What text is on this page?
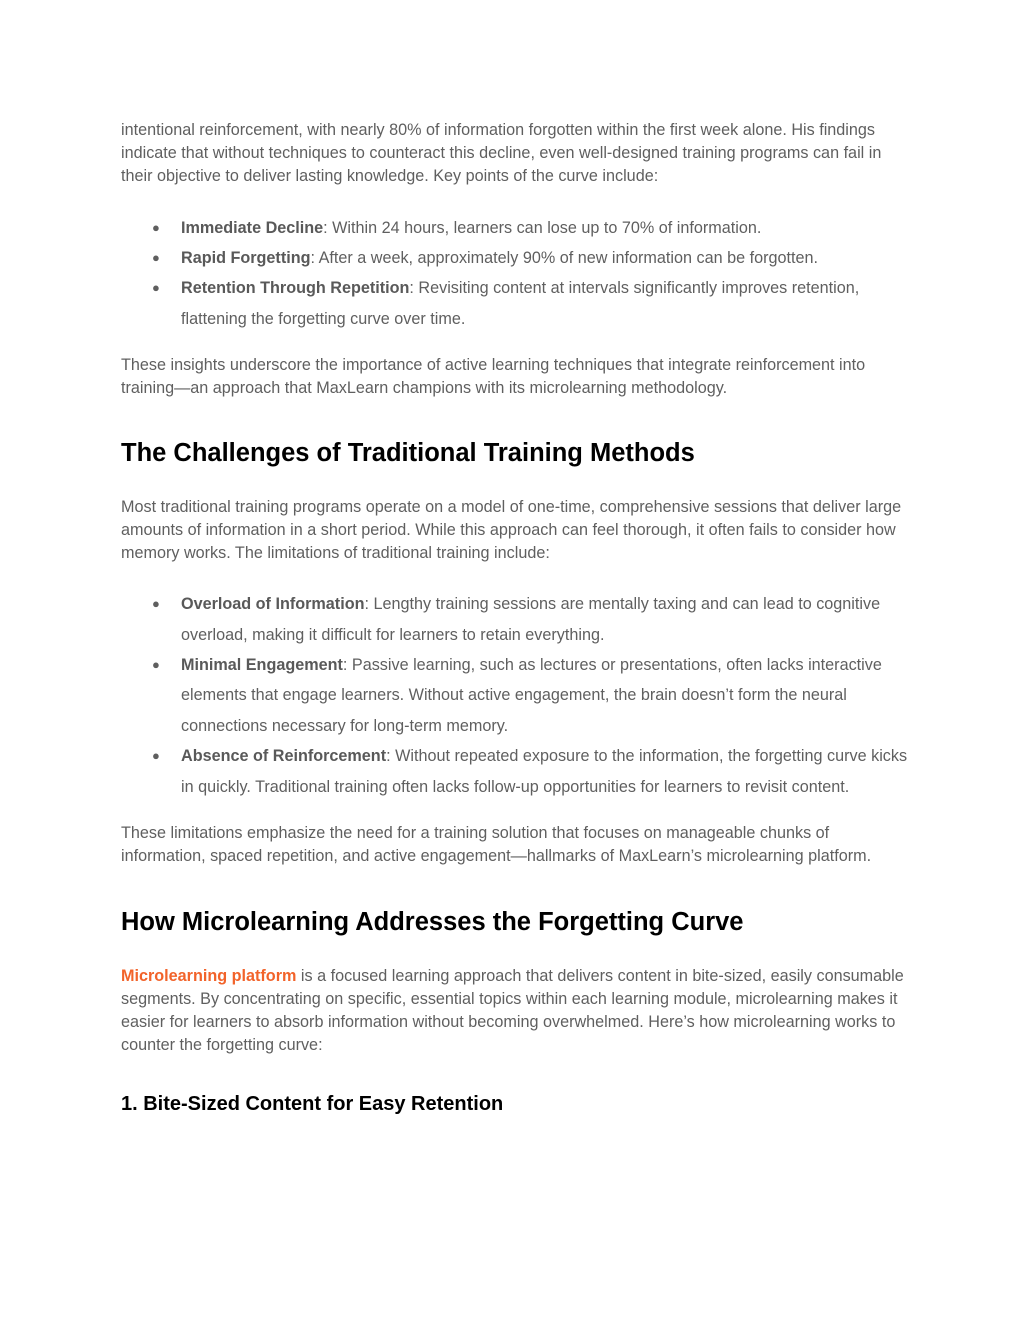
intentional reinforcement, with nearly 80% of information forgotten within the first week alone. His findings indicate that without techniques to counteract this decline, even well-designed training programs can fail in their objective to deliver lasting knowledge. Key points of the curve include:

● Immediate Decline: Within 24 hours, learners can lose up to 70% of information.
● Rapid Forgetting: After a week, approximately 90% of new information can be forgotten.
● Retention Through Repetition: Revisiting content at intervals significantly improves retention, flattening the forgetting curve over time.

These insights underscore the importance of active learning techniques that integrate reinforcement into training—an approach that MaxLearn champions with its microlearning methodology.

The Challenges of Traditional Training Methods

Most traditional training programs operate on a model of one-time, comprehensive sessions that deliver large amounts of information in a short period. While this approach can feel thorough, it often fails to consider how memory works. The limitations of traditional training include:

● Overload of Information: Lengthy training sessions are mentally taxing and can lead to cognitive overload, making it difficult for learners to retain everything.
● Minimal Engagement: Passive learning, such as lectures or presentations, often lacks interactive elements that engage learners. Without active engagement, the brain doesn’t form the neural connections necessary for long-term memory.
● Absence of Reinforcement: Without repeated exposure to the information, the forgetting curve kicks in quickly. Traditional training often lacks follow-up opportunities for learners to revisit content.

These limitations emphasize the need for a training solution that focuses on manageable chunks of information, spaced repetition, and active engagement—hallmarks of MaxLearn’s microlearning platform.

How Microlearning Addresses the Forgetting Curve

Microlearning platform is a focused learning approach that delivers content in bite-sized, easily consumable segments. By concentrating on specific, essential topics within each learning module, microlearning makes it easier for learners to absorb information without becoming overwhelmed. Here’s how microlearning works to counter the forgetting curve:

1. Bite-Sized Content for Easy Retention
